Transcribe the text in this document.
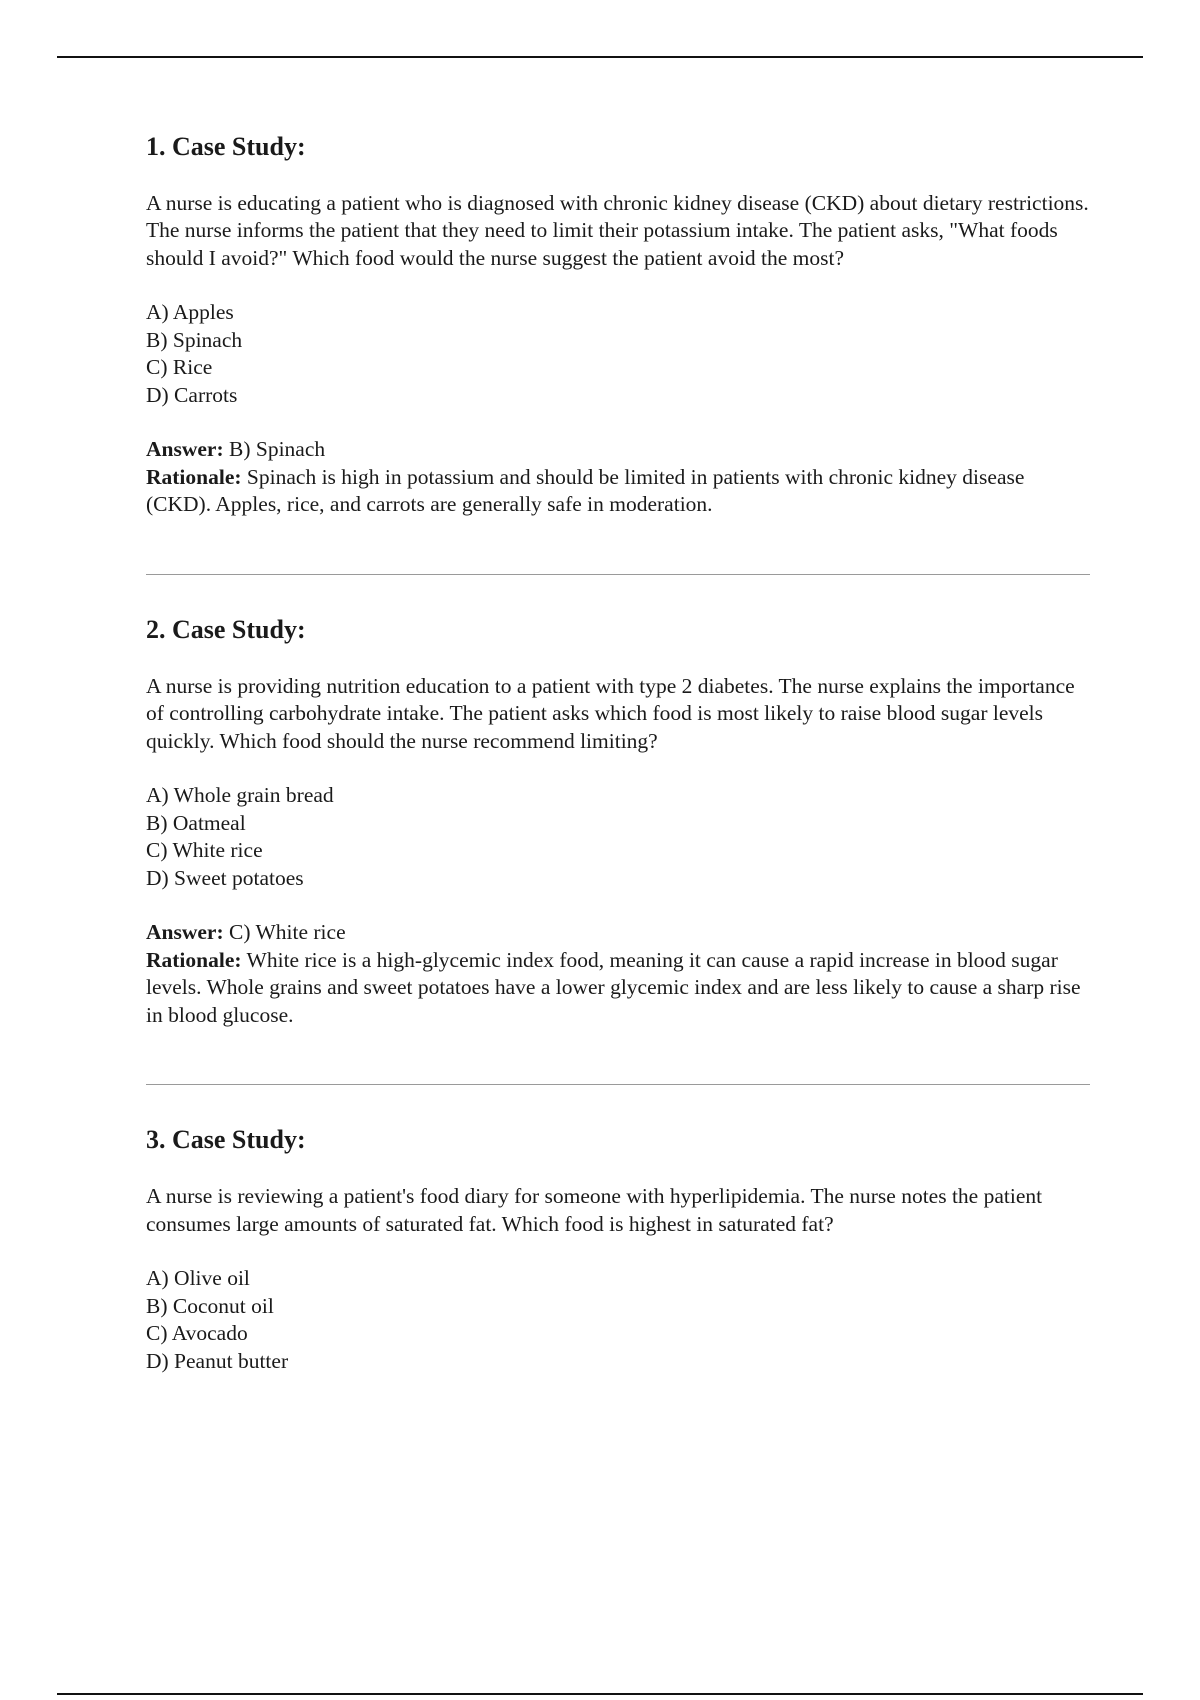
1. Case Study:

A nurse is educating a patient who is diagnosed with chronic kidney disease (CKD) about dietary restrictions. The nurse informs the patient that they need to limit their potassium intake. The patient asks, "What foods should I avoid?" Which food would the nurse suggest the patient avoid the most?

A) Apples
B) Spinach
C) Rice
D) Carrots
Answer: B) Spinach
Rationale: Spinach is high in potassium and should be limited in patients with chronic kidney disease (CKD). Apples, rice, and carrots are generally safe in moderation.
2. Case Study:

A nurse is providing nutrition education to a patient with type 2 diabetes. The nurse explains the importance of controlling carbohydrate intake. The patient asks which food is most likely to raise blood sugar levels quickly. Which food should the nurse recommend limiting?

A) Whole grain bread
B) Oatmeal
C) White rice
D) Sweet potatoes
Answer: C) White rice
Rationale: White rice is a high-glycemic index food, meaning it can cause a rapid increase in blood sugar levels. Whole grains and sweet potatoes have a lower glycemic index and are less likely to cause a sharp rise in blood glucose.
3. Case Study:

A nurse is reviewing a patient's food diary for someone with hyperlipidemia. The nurse notes the patient consumes large amounts of saturated fat. Which food is highest in saturated fat?

A) Olive oil
B) Coconut oil
C) Avocado
D) Peanut butter
